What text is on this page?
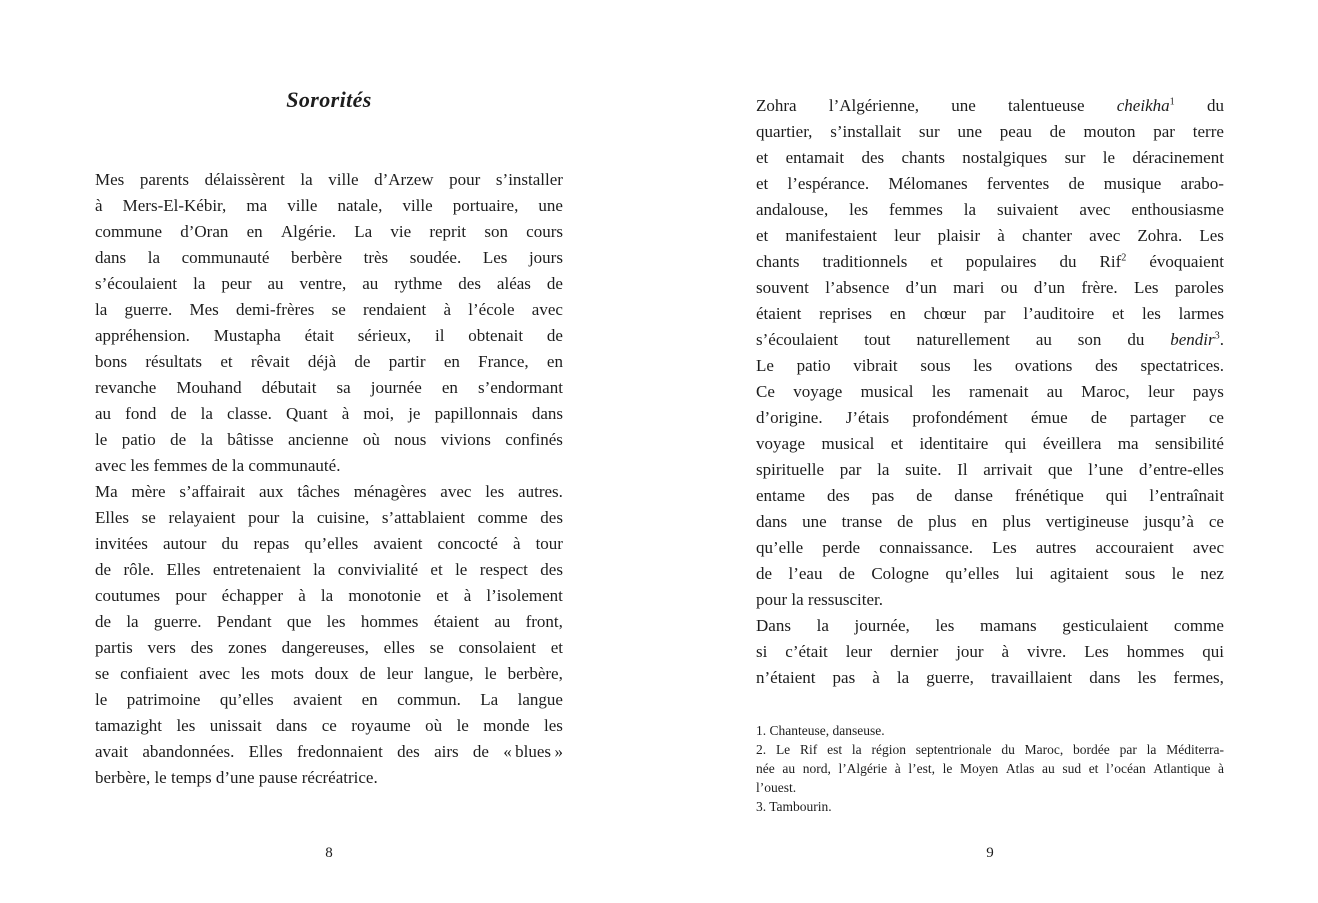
Sororités
Mes parents délaissèrent la ville d’Arzew pour s’installer
à Mers-El-Kébir, ma ville natale, ville portuaire, une
commune d’Oran en Algérie. La vie reprit son cours
dans la communauté berbère très soudée. Les jours
s’écoulaient la peur au ventre, au rythme des aléas de
la guerre. Mes demi-frères se rendaient à l’école avec
appréhension. Mustapha était sérieux, il obtenait de
bons résultats et rêvait déjà de partir en France, en
revanche Mouhand débutait sa journée en s’endormant
au fond de la classe. Quant à moi, je papillonnais dans
le patio de la bâtisse ancienne où nous vivions confinés
avec les femmes de la communauté.
Ma mère s’affairait aux tâches ménagères avec les autres.
Elles se relayaient pour la cuisine, s’attablaient comme des
invitées autour du repas qu’elles avaient concocté à tour
de rôle. Elles entretenaient la convivialité et le respect des
coutumes pour échapper à la monotonie et à l’isolement
de la guerre. Pendant que les hommes étaient au front,
partis vers des zones dangereuses, elles se consolaient et
se confiaient avec les mots doux de leur langue, le berbère,
le patrimoine qu’elles avaient en commun. La langue
tamazight les unissait dans ce royaume où le monde les
avait abandonnées. Elles fredonnaient des airs de « blues »
berbère, le temps d’une pause récréatrice.
8
Zohra l’Algérienne, une talentueuse cheikha$^1$ du
quartier, s’installait sur une peau de mouton par terre
et entamait des chants nostalgiques sur le déracinement
et l’espérance. Mélomanes ferventes de musique arabo-
andalouse, les femmes la suivaient avec enthousiasme
et manifestaient leur plaisir à chanter avec Zohra. Les
chants traditionnels et populaires du Rif$^2$ évoquaient
souvent l’absence d’un mari ou d’un frère. Les paroles
étaient reprises en chœur par l’auditoire et les larmes
s’écoulaient tout naturellement au son du bendir$^3$.
Le patio vibrait sous les ovations des spectatrices.
Ce voyage musical les ramenait au Maroc, leur pays
d’origine. J’étais profondément émue de partager ce
voyage musical et identitaire qui éveillera ma sensibilité
spirituelle par la suite. Il arrivait que l’une d’entre-elles
entame des pas de danse frénétique qui l’entraînait
dans une transe de plus en plus vertigineuse jusqu’à ce
qu’elle perde connaissance. Les autres accouraient avec
de l’eau de Cologne qu’elles lui agitaient sous le nez
pour la ressusciter.
Dans la journée, les mamans gesticulaient comme
si c’était leur dernier jour à vivre. Les hommes qui
n’étaient pas à la guerre, travaillaient dans les fermes,
1. Chanteuse, danseuse.
2. Le Rif est la région septentrionale du Maroc, bordée par la Méditerra-
née au nord, l’Algérie à l’est, le Moyen Atlas au sud et l’océan Atlantique à
l’ouest.
3. Tambourin.
9
